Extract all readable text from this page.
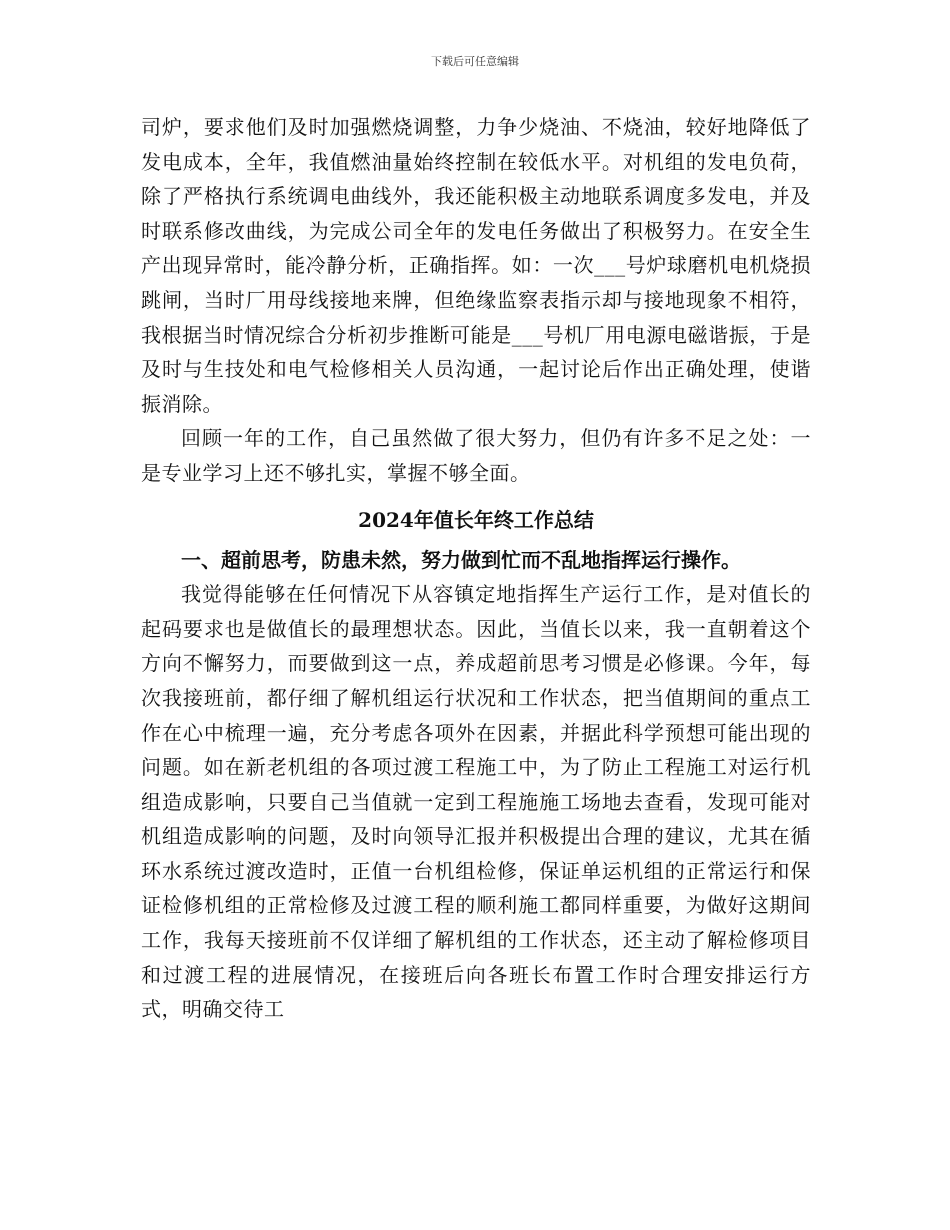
下载后可任意编辑

司炉，要求他们及时加强燃烧调整，力争少烧油、不烧油，较好地降低了发电成本，全年，我值燃油量始终控制在较低水平。对机组的发电负荷，除了严格执行系统调电曲线外，我还能积极主动地联系调度多发电，并及时联系修改曲线，为完成公司全年的发电任务做出了积极努力。在安全生产出现异常时，能冷静分析，正确指挥。如：一次___号炉球磨机电机烧损跳闸，当时厂用母线接地来牌，但绝缘监察表指示却与接地现象不相符，我根据当时情况综合分析初步推断可能是___号机厂用电源电磁谐振，于是及时与生技处和电气检修相关人员沟通，一起讨论后作出正确处理，使谐振消除。

回顾一年的工作，自己虽然做了很大努力，但仍有许多不足之处：一是专业学习上还不够扎实，掌握不够全面。

2024年值长年终工作总结
一、超前思考，防患未然，努力做到忙而不乱地指挥运行操作。

我觉得能够在任何情况下从容镇定地指挥生产运行工作，是对值长的起码要求也是做值长的最理想状态。因此，当值长以来，我一直朝着这个方向不懈努力，而要做到这一点，养成超前思考习惯是必修课。今年，每次我接班前，都仔细了解机组运行状况和工作状态，把当值期间的重点工作在心中梳理一遍，充分考虑各项外在因素，并据此科学预想可能出现的问题。如在新老机组的各项过渡工程施工中，为了防止工程施工对运行机组造成影响，只要自己当值就一定到工程施施工场地去查看，发现可能对机组造成影响的问题，及时向领导汇报并积极提出合理的建议，尤其在循环水系统过渡改造时，正值一台机组检修，保证单运机组的正常运行和保证检修机组的正常检修及过渡工程的顺利施工都同样重要，为做好这期间工作，我每天接班前不仅详细了解机组的工作状态，还主动了解检修项目和过渡工程的进展情况，在接班后向各班长布置工作时合理安排运行方式，明确交待工
